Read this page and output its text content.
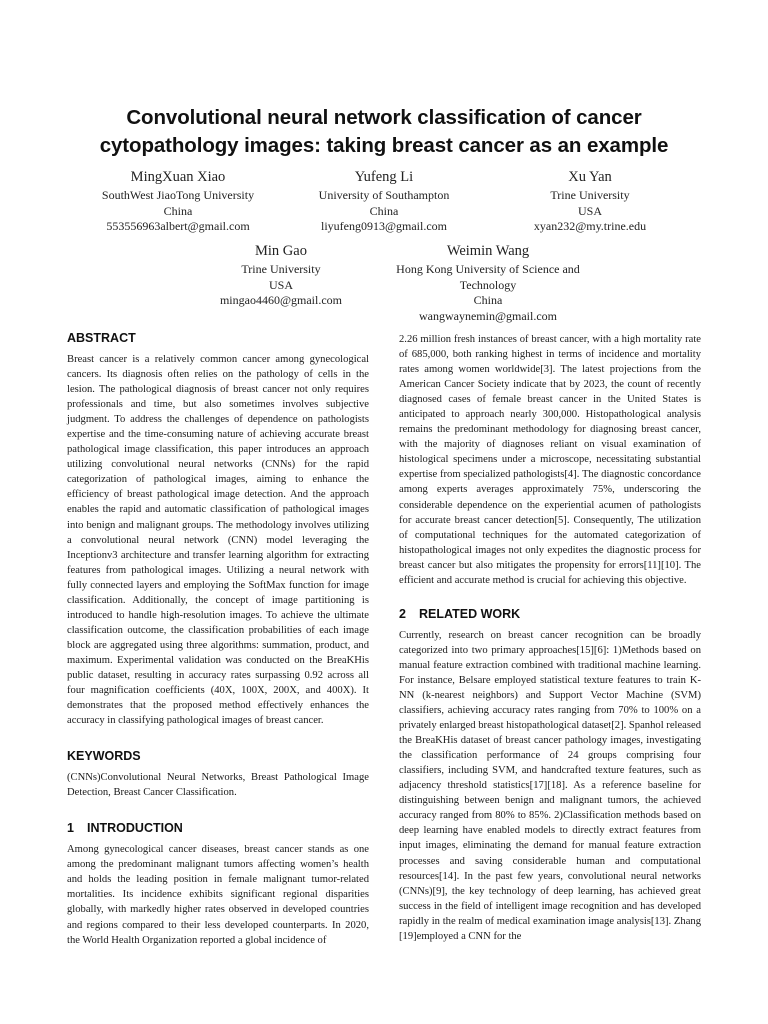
Convolutional neural network classification of cancer
cytopathology images: taking breast cancer as an example
MingXuan Xiao
SouthWest JiaoTong University
China
553556963albert@gmail.com
Yufeng Li
University of Southampton
China
liyufeng0913@gmail.com
Xu Yan
Trine University
USA
xyan232@my.trine.edu
Min Gao
Trine University
USA
mingao4460@gmail.com
Weimin Wang
Hong Kong University of Science and
Technology
China
wangwaynemin@gmail.com
ABSTRACT

Breast cancer is a relatively common cancer among gynecological cancers. Its diagnosis often relies on the pathology of cells in the lesion. The pathological diagnosis of breast cancer not only requires professionals and time, but also sometimes involves subjective judgment. To address the challenges of dependence on pathologists expertise and the time-consuming nature of achieving accurate breast pathological image classification, this paper introduces an approach utilizing convolutional neural networks (CNNs) for the rapid categorization of pathological images, aiming to enhance the efficiency of breast pathological image detection. And the approach enables the rapid and automatic classification of pathological images into benign and malignant groups. The methodology involves utilizing a convolutional neural network (CNN) model leveraging the Inceptionv3 architecture and transfer learning algorithm for extracting features from pathological images. Utilizing a neural network with fully connected layers and employing the SoftMax function for image classification. Additionally, the concept of image partitioning is introduced to handle high-resolution images. To achieve the ultimate classification outcome, the classification probabilities of each image block are aggregated using three algorithms: summation, product, and maximum. Experimental validation was conducted on the BreaKHis public dataset, resulting in accuracy rates surpassing 0.92 across all four magnification coefficients (40X, 100X, 200X, and 400X). It demonstrates that the proposed method effectively enhances the accuracy in classifying pathological images of breast cancer.

KEYWORDS

(CNNs)Convolutional Neural Networks, Breast Pathological Image Detection, Breast Cancer Classification.

1 INTRODUCTION

Among gynecological cancer diseases, breast cancer stands as one among the predominant malignant tumors affecting women’s health and holds the leading position in female malignant tumor-related mortalities. Its incidence exhibits significant regional disparities globally, with markedly higher rates observed in developed countries and regions compared to their less developed counterparts. In 2020, the World Health Organization reported a global incidence of

2.26 million fresh instances of breast cancer, with a high mortality rate of 685,000, both ranking highest in terms of incidence and mortality rates among women worldwide[3]. The latest projections from the American Cancer Society indicate that by 2023, the count of recently diagnosed cases of female breast cancer in the United States is anticipated to approach nearly 300,000. Histopathological analysis remains the predominant methodology for diagnosing breast cancer, with the majority of diagnoses reliant on visual examination of histological specimens under a microscope, necessitating substantial expertise from specialized pathologists[4]. The diagnostic concordance among experts averages approximately 75%, underscoring the considerable dependence on the experiential acumen of pathologists for accurate breast cancer detection[5]. Consequently, The utilization of computational techniques for the automated categorization of histopathological images not only expedites the diagnostic process for breast cancer but also mitigates the propensity for errors[11][10]. The efficient and accurate method is crucial for achieving this objective.

2 RELATED WORK

Currently, research on breast cancer recognition can be broadly categorized into two primary approaches[15][6]: 1)Methods based on manual feature extraction combined with traditional machine learning. For instance, Belsare employed statistical texture features to train K-NN (k-nearest neighbors) and Support Vector Machine (SVM) classifiers, achieving accuracy rates ranging from 70% to 100% on a privately enlarged breast histopathological dataset[2]. Spanhol released the BreaKHis dataset of breast cancer pathology images, investigating the classification performance of 24 groups comprising four classifiers, including SVM, and handcrafted texture features, such as adjacency threshold statistics[17][18]. As a reference baseline for distinguishing between benign and malignant tumors, the achieved accuracy ranged from 80% to 85%. 2)Classification methods based on deep learning have enabled models to directly extract features from input images, eliminating the demand for manual feature extraction processes and saving considerable human and computational resources[14]. In the past few years, convolutional neural networks (CNNs)[9], the key technology of deep learning, has achieved great success in the field of intelligent image recognition and has developed rapidly in the realm of medical examination image analysis[13]. Zhang [19]employed a CNN for the
